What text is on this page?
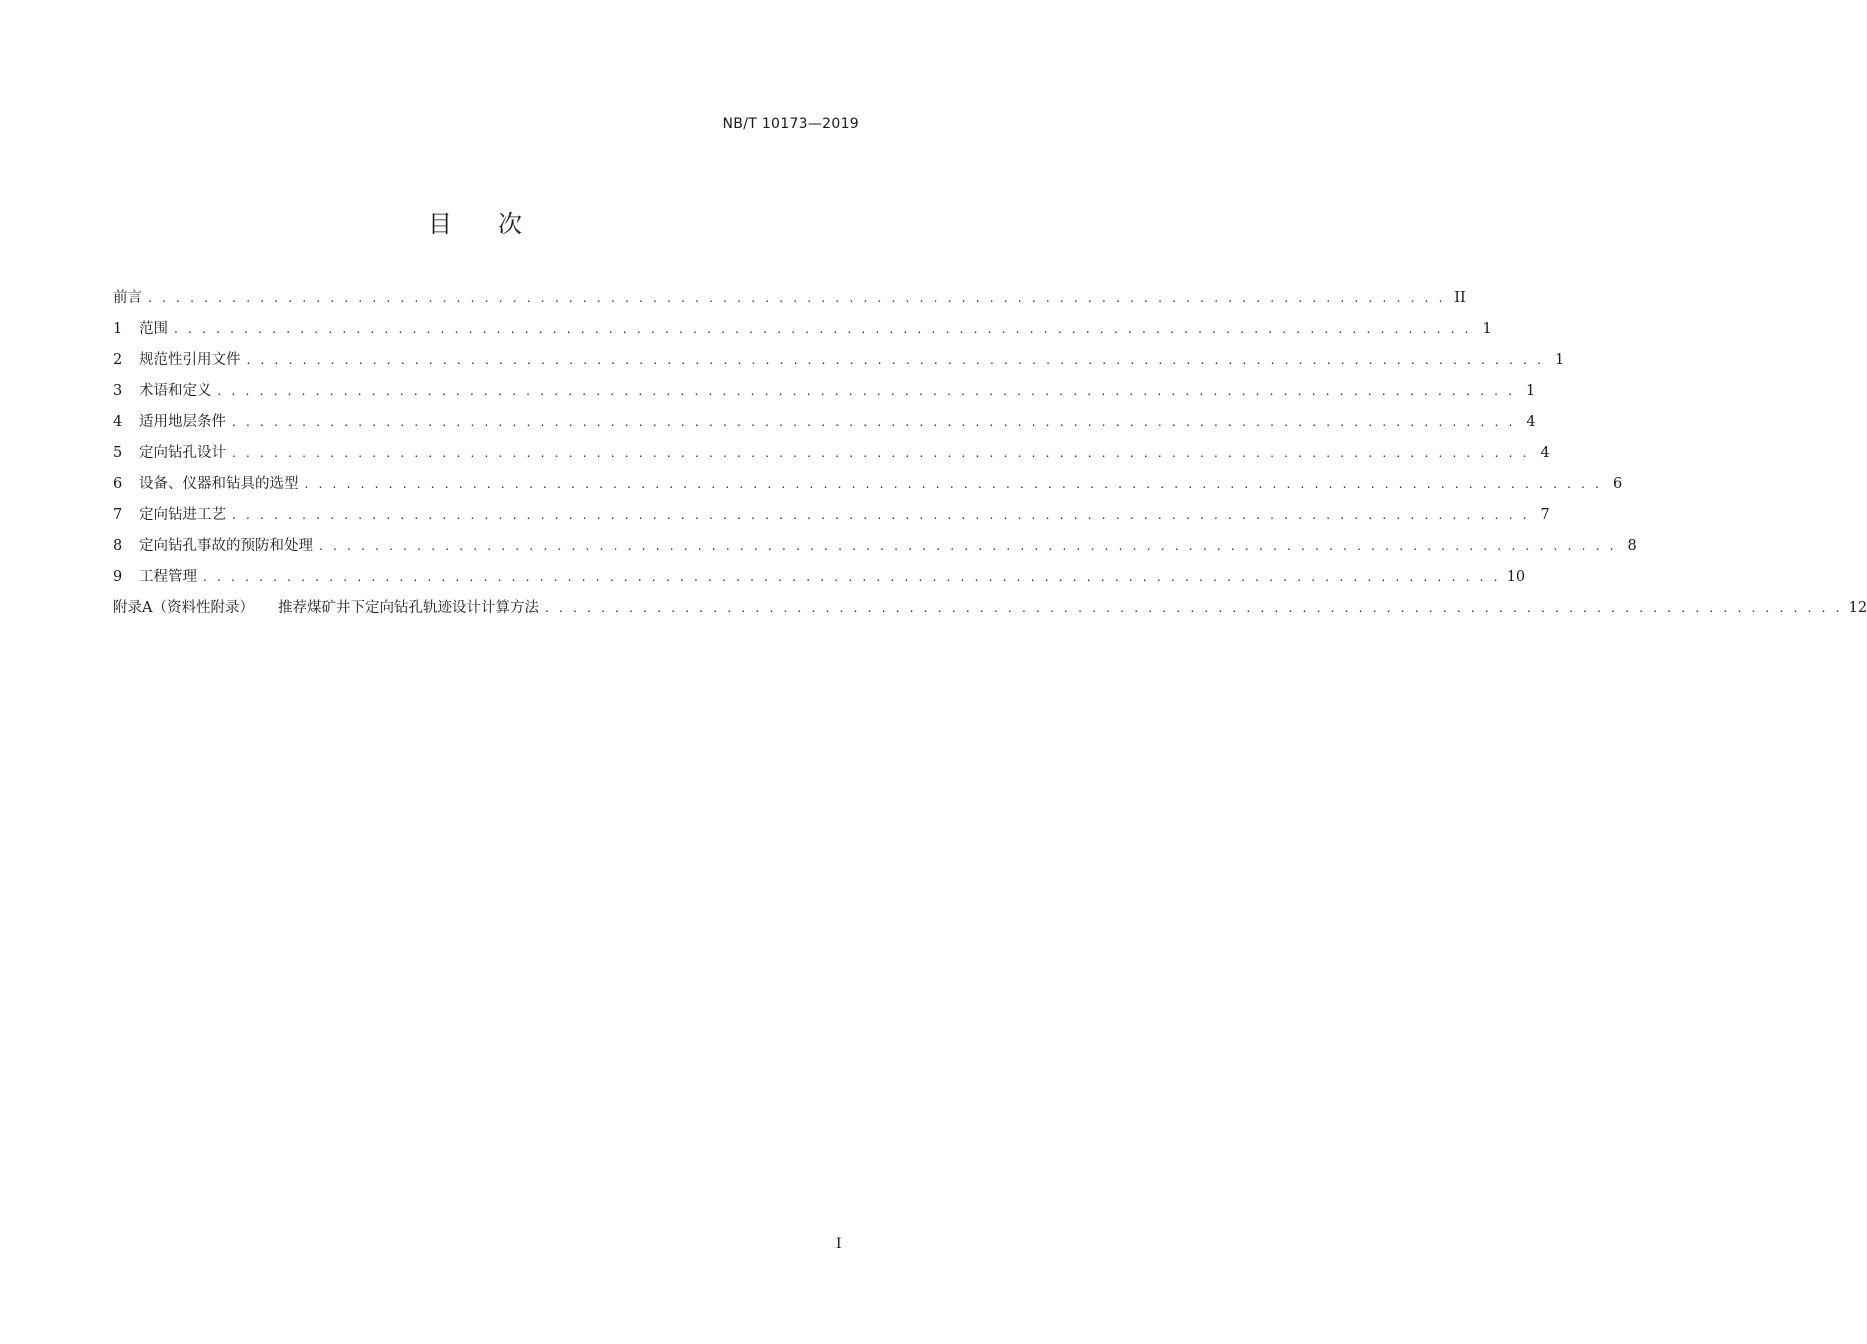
NB/T 10173—2019
目次
前言 . . . . . . . . . . . . . . . . . . . . . . . . . . . . . . . . . . . . . . . . . . . . . . . . . . . . . . . . . . . . . . . . . . . . . . . . . . . . . . . . . . . . . . . . . . . . . II
1	范围 . . . . . . . . . . . . . . . . . . . . . . . . . . . . . . . . . . . . . . . . . . . . . . . . . . . . . . . . . . . . . . . . . . . . . . . . . . . . . . . . . . . . . . . . . . . . . 1
2	规范性引用文件 . . . . . . . . . . . . . . . . . . . . . . . . . . . . . . . . . . . . . . . . . . . . . . . . . . . . . . . . . . . . . . . . . . . . . . . . . . . . . . . . . . . . . . . . . . . . . 1
3	术语和定义 . . . . . . . . . . . . . . . . . . . . . . . . . . . . . . . . . . . . . . . . . . . . . . . . . . . . . . . . . . . . . . . . . . . . . . . . . . . . . . . . . . . . . . . . . . . . . 1
4	适用地层条件 . . . . . . . . . . . . . . . . . . . . . . . . . . . . . . . . . . . . . . . . . . . . . . . . . . . . . . . . . . . . . . . . . . . . . . . . . . . . . . . . . . . . . . . . . . . . 4
5	定向钻孔设计 . . . . . . . . . . . . . . . . . . . . . . . . . . . . . . . . . . . . . . . . . . . . . . . . . . . . . . . . . . . . . . . . . . . . . . . . . . . . . . . . . . . . . . . . . . . . . 4
6	设备、仪器和钻具的选型 . . . . . . . . . . . . . . . . . . . . . . . . . . . . . . . . . . . . . . . . . . . . . . . . . . . . . . . . . . . . . . . . . . . . . . . . . . . . . . . . . . . . . . . . . . . . . 6
7	定向钻进工艺 . . . . . . . . . . . . . . . . . . . . . . . . . . . . . . . . . . . . . . . . . . . . . . . . . . . . . . . . . . . . . . . . . . . . . . . . . . . . . . . . . . . . . . . . . . . . . 7
8	定向钻孔事故的预防和处理 . . . . . . . . . . . . . . . . . . . . . . . . . . . . . . . . . . . . . . . . . . . . . . . . . . . . . . . . . . . . . . . . . . . . . . . . . . . . . . . . . . . . . . . . . . . . . 8
9	工程管理 . . . . . . . . . . . . . . . . . . . . . . . . . . . . . . . . . . . . . . . . . . . . . . . . . . . . . . . . . . . . . . . . . . . . . . . . . . . . . . . . . . . . . . . . . . . . . 10
附录A（资料性附录） 推荐煤矿井下定向钻孔轨迹设计计算方法 . . . . . . . . . . . . . . . . . . . . . . . . . . . . . . . . . . . . . . . . . . . . . . . . . . . . . . . . . . . . . . . . . . . . . . . . . . . . . . . . . . . . . . . . . . . . . 12
I
